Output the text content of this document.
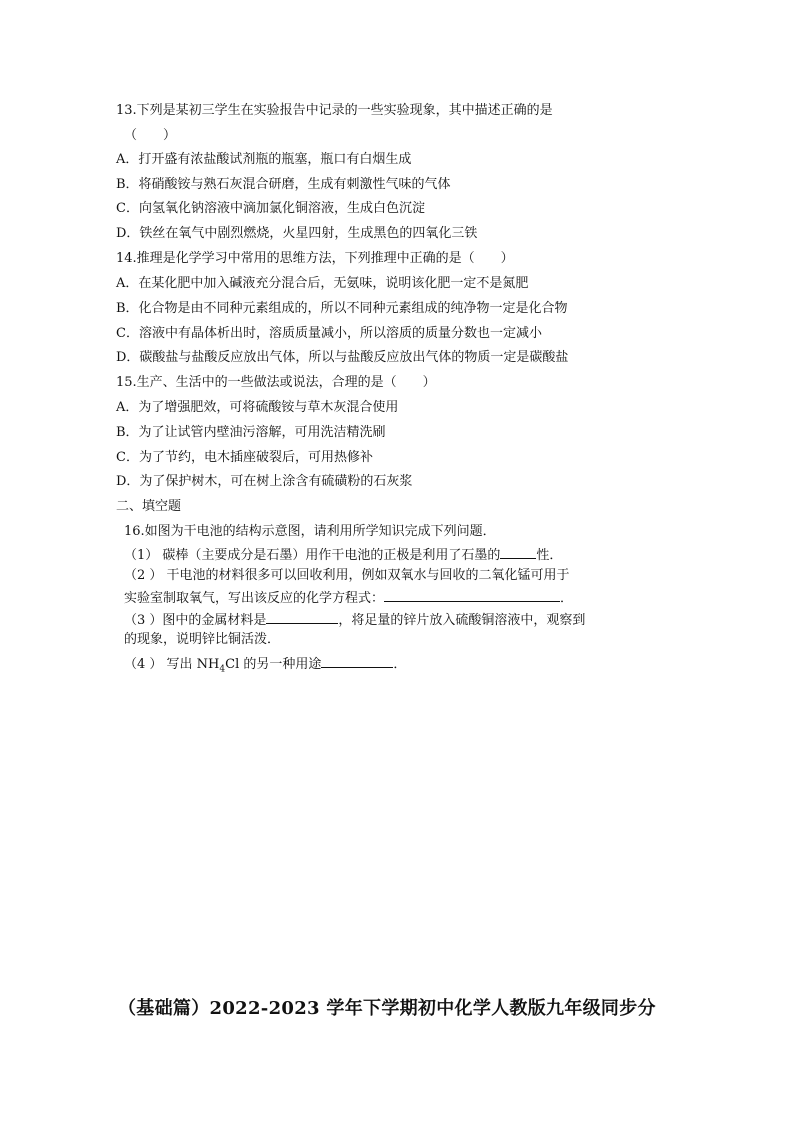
13.下列是某初三学生在实验报告中记录的一些实验现象，其中描述正确的是
（　　）
A．打开盛有浓盐酸试剂瓶的瓶塞，瓶口有白烟生成
B．将硝酸铵与熟石灰混合研磨，生成有刺激性气味的气体
C．向氢氧化钠溶液中滴加氯化铜溶液，生成白色沉淀
D．铁丝在氧气中剧烈燃烧，火星四射，生成黑色的四氧化三铁
14.推理是化学学习中常用的思维方法，下列推理中正确的是（　　）
A．在某化肥中加入碱液充分混合后，无氨味，说明该化肥一定不是氮肥
B．化合物是由不同种元素组成的，所以不同种元素组成的纯净物一定是化合物
C．溶液中有晶体析出时，溶质质量减小，所以溶质的质量分数也一定减小
D．碳酸盐与盐酸反应放出气体，所以与盐酸反应放出气体的物质一定是碳酸盐
15.生产、生活中的一些做法或说法，合理的是（　　）
A．为了增强肥效，可将硫酸铵与草木灰混合使用
B．为了让试管内壁油污溶解，可用洗洁精洗刷
C．为了节约，电木插座破裂后，可用热修补
D．为了保护树木，可在树上涂含有硫磺粉的石灰浆
二、填空题
16.如图为干电池的结构示意图，请利用所学知识完成下列问题．
（1） 碳棒（主要成分是石墨）用作干电池的正极是利用了石墨的	性．
（2 ） 干电池的材料很多可以回收利用，例如双氧水与回收的二氧化锰可用于
实验室制取氧气，写出该反应的化学方程式：	．
（3 ）图中的金属材料是	，将足量的锌片放入硫酸铜溶液中，观察到
的现象，说明锌比铜活泼．
（4 ） 写出 $NH_4Cl$ 的另一种用途	．
（基础篇）2022-2023 学年下学期初中化学人教版九年级同步分
